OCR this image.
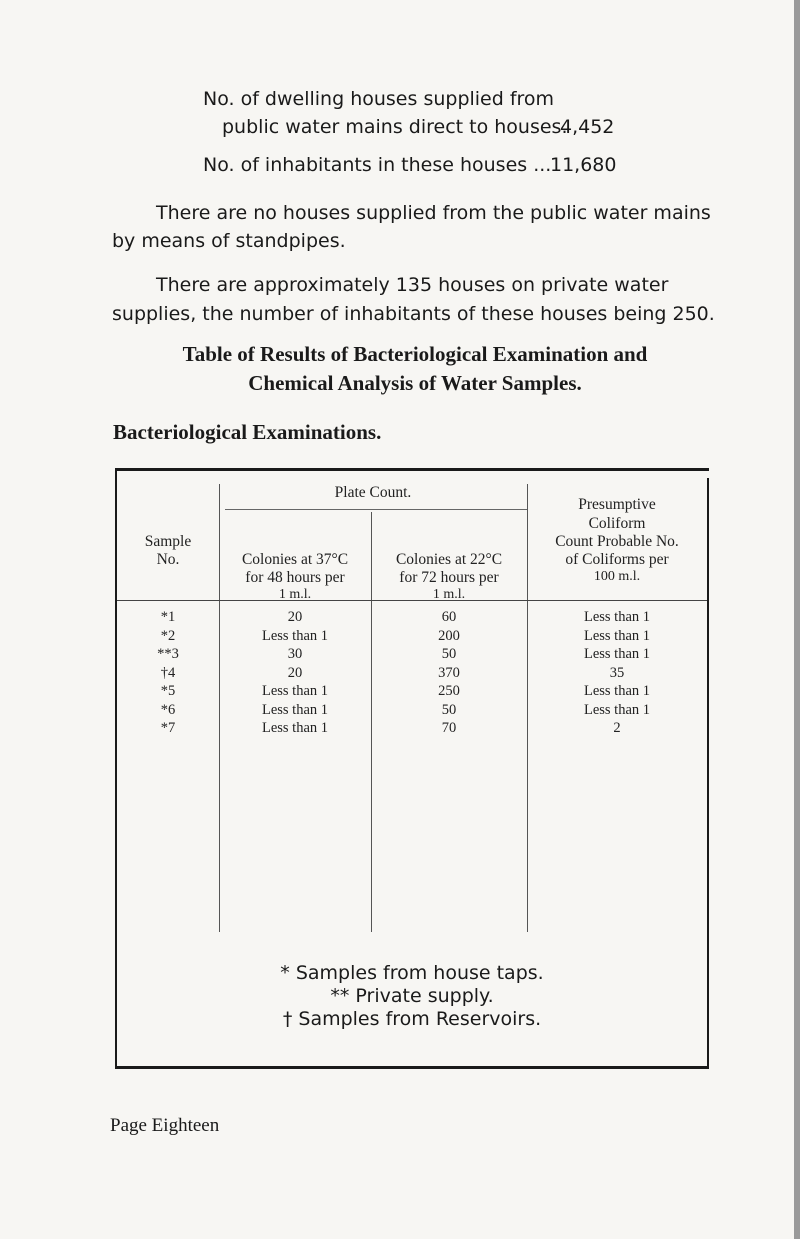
No. of dwelling houses supplied from
public water mains direct to houses.
4,452
No. of inhabitants in these houses ...
11,680
There are no houses supplied from the public water mains
by means of standpipes.
There are approximately 135 houses on private water
supplies, the number of inhabitants of these houses being 250.
Table of Results of Bacteriological Examination and
Chemical Analysis of Water Samples.
Bacteriological Examinations.
Sample
No.
Plate Count.
Colonies at 37°C
for 48 hours per
1 m.l.
Colonies at 22°C
for 72 hours per
1 m.l.
Presumptive
Coliform
Count Probable No.
of Coliforms per
100 m.l.
*1	20	60	Less than 1
*2	Less than 1	200	Less than 1
**3	30	50	Less than 1
†4	20	370	35
*5	Less than 1	250	Less than 1
*6	Less than 1	50	Less than 1
*7	Less than 1	70	2
* Samples from house taps.
** Private supply.
† Samples from Reservoirs.
Page Eighteen
